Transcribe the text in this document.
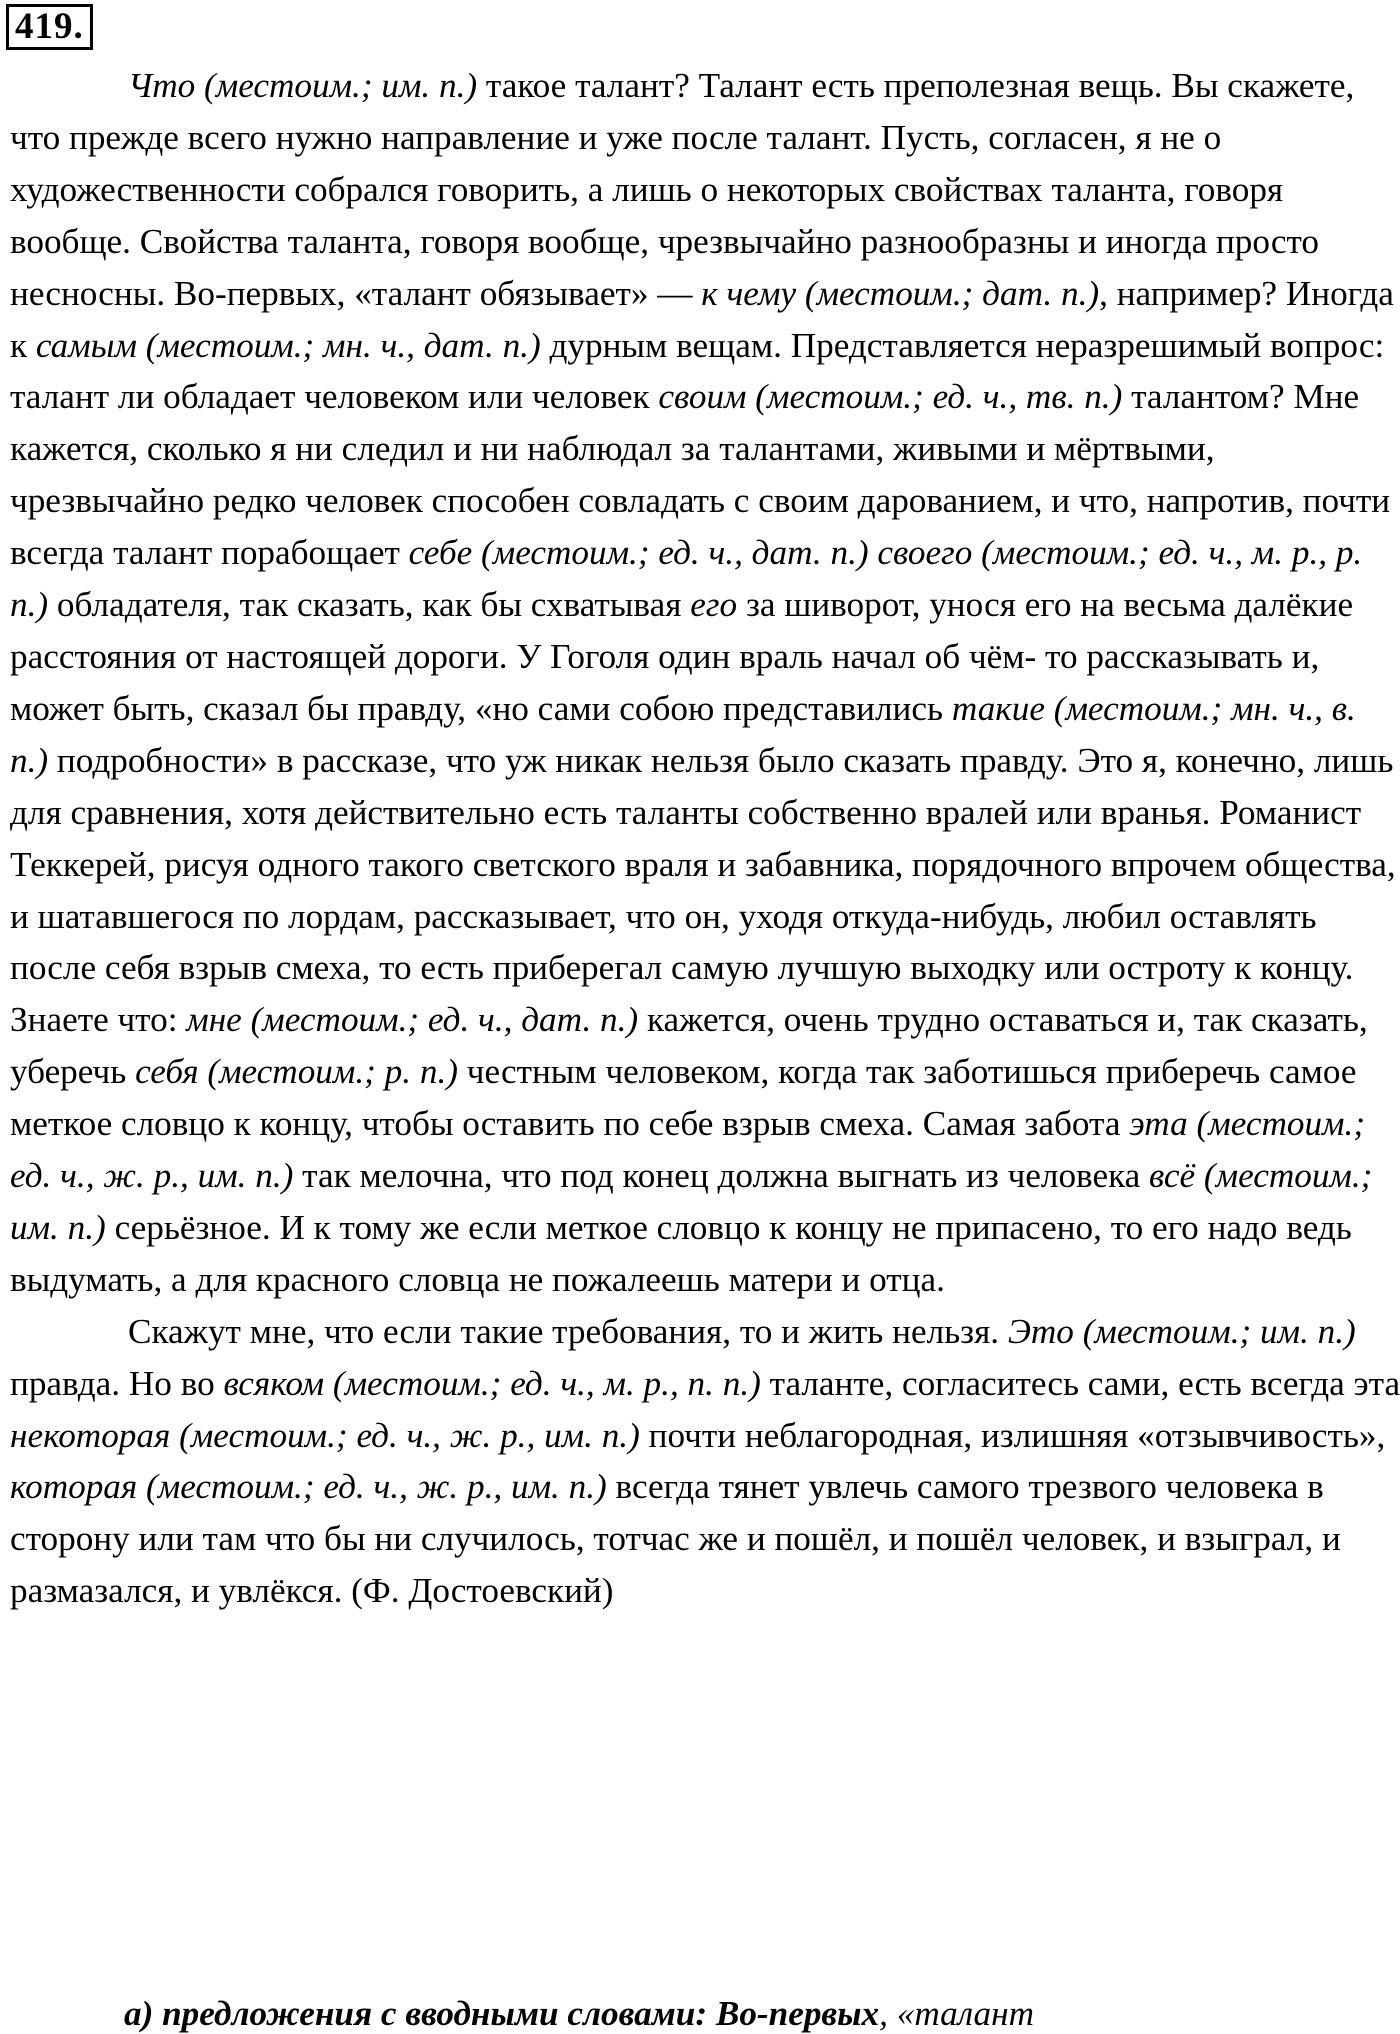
419.

Что (местоим.; им. п.) такое талант? Талант есть преполезная вещь. Вы скажете, что прежде всего нужно направление и уже после талант. Пусть, согласен, я не о художественности собрался говорить, а лишь о некоторых свойствах таланта, говоря вообще. Свойства таланта, говоря вообще, чрезвычайно разнообразны и иногда просто несносны. Во-первых, «талант обязывает» — к чему (местоим.; дат. п.), например? Иногда к самым (местоим.; мн. ч., дат. п.) дурным вещам. Представляется неразрешимый вопрос: талант ли обладает человеком или человек своим (местоим.; ед. ч., тв. п.) талантом? Мне кажется, сколько я ни следил и ни наблюдал за талантами, живыми и мёртвыми, чрезвычайно редко человек способен совладать с своим дарованием, и что, напротив, почти всегда талант порабощает себе (местоим.; ед. ч., дат. п.) своего (местоим.; ед. ч., м. р., р. п.) обладателя, так сказать, как бы схватывая его за шиворот, унося его на весьма далёкие расстояния от настоящей дороги. У Гоголя один враль начал об чём- то рассказывать и, может быть, сказал бы правду, «но сами собою представились такие (местоим.; мн. ч., в. п.) подробности» в рассказе, что уж никак нельзя было сказать правду. Это я, конечно, лишь для сравнения, хотя действительно есть таланты собственно вралей или вранья. Романист Теккерей, рисуя одного такого светского враля и забавника, порядочного впрочем общества, и шатавшегося по лордам, рассказывает, что он, уходя откуда-нибудь, любил оставлять после себя взрыв смеха, то есть приберегал самую лучшую выходку или остроту к концу. Знаете что: мне (местоим.; ед. ч., дат. п.) кажется, очень трудно оставаться и, так сказать, уберечь себя (местоим.; р. п.) честным человеком, когда так заботишься приберечь самое меткое словцо к концу, чтобы оставить по себе взрыв смеха. Самая забота эта (местоим.; ед. ч., ж. р., им. п.) так мелочна, что под конец должна выгнать из человека всё (местоим.; им. п.) серьёзное. И к тому же если меткое словцо к концу не припасено, то его надо ведь выдумать, а для красного словца не пожалеешь матери и отца.

Скажут мне, что если такие требования, то и жить нельзя. Это (местоим.; им. п.) правда. Но во всяком (местоим.; ед. ч., м. р., п. п.) таланте, согласитесь сами, есть всегда эта некоторая (местоим.; ед. ч., ж. р., им. п.) почти неблагородная, излишняя «отзывчивость», которая (местоим.; ед. ч., ж. р., им. п.) всегда тянет увлечь самого трезвого человека в сторону или там что бы ни случилось, тотчас же и пошёл, и пошёл человек, и взыграл, и размазался, и увлёкся. (Ф. Достоевский)

а) предложения с вводными словами: Во-первых, «талант
